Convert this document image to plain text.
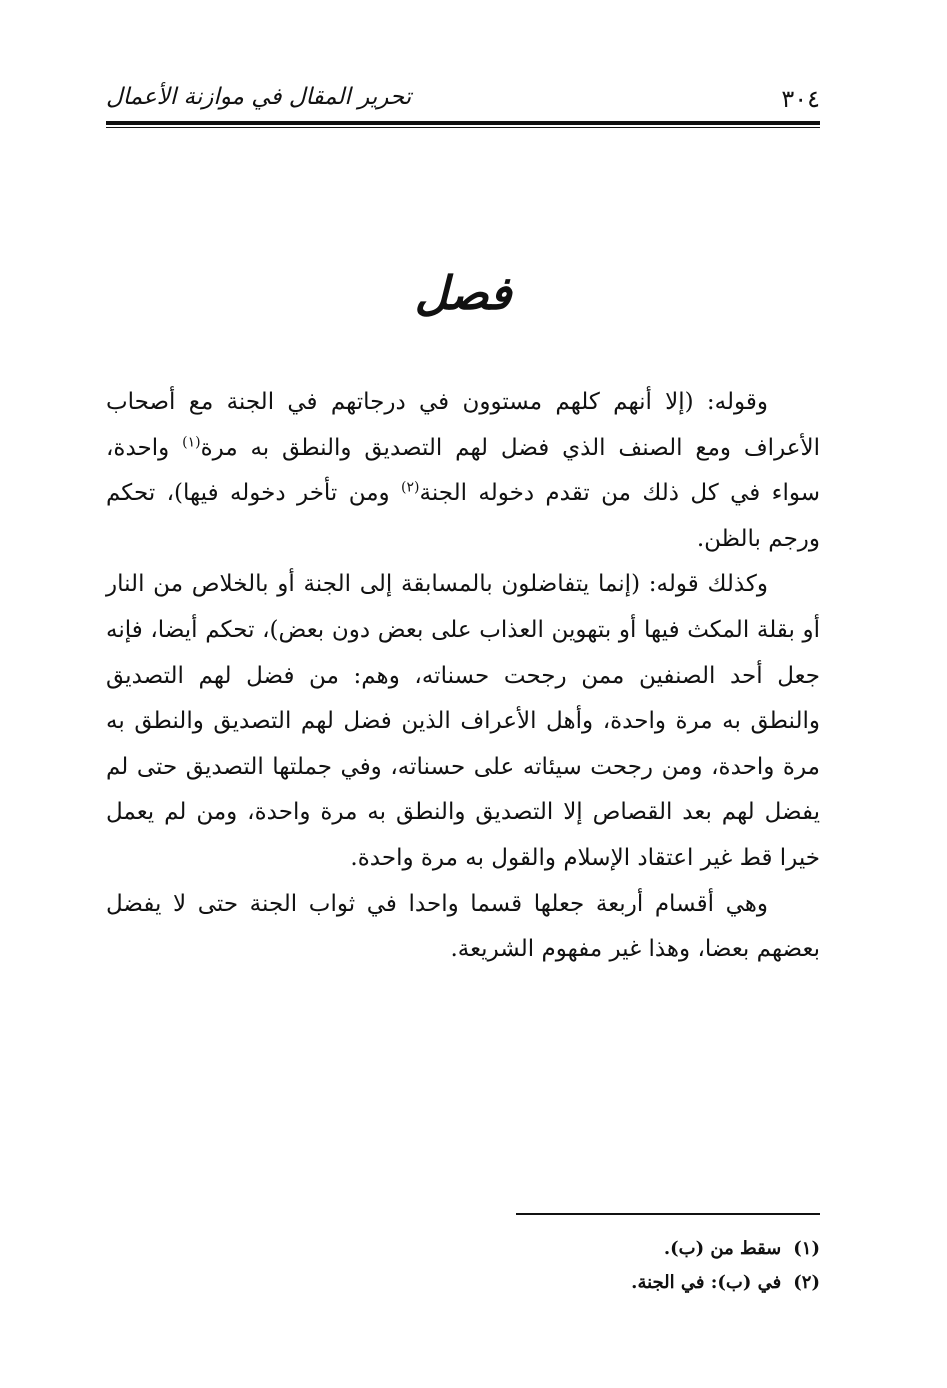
٣٠٤
تحرير المقال في موازنة الأعمال
فصل

وقوله: (إلا أنهم كلهم مستوون في درجاتهم في الجنة مع أصحاب الأعراف ومع الصنف الذي فضل لهم التصديق والنطق به مرة$^{(١)}$ واحدة، سواء في كل ذلك من تقدم دخوله الجنة$^{(٢)}$ ومن تأخر دخوله فيها)، تحكم ورجم بالظن.

وكذلك قوله: (إنما يتفاضلون بالمسابقة إلى الجنة أو بالخلاص من النار أو بقلة المكث فيها أو بتهوين العذاب على بعض دون بعض)، تحكم أيضا، فإنه جعل أحد الصنفين ممن رجحت حسناته، وهم: من فضل لهم التصديق والنطق به مرة واحدة، وأهل الأعراف الذين فضل لهم التصديق والنطق به مرة واحدة، ومن رجحت سيئاته على حسناته، وفي جملتها التصديق حتى لم يفضل لهم بعد القصاص إلا التصديق والنطق به مرة واحدة، ومن لم يعمل خيرا قط غير اعتقاد الإسلام والقول به مرة واحدة.

وهي أقسام أربعة جعلها قسما واحدا في ثواب الجنة حتى لا يفضل بعضهم بعضا، وهذا غير مفهوم الشريعة.

(١)سقط من (ب).

(٢)في (ب): في الجنة.
